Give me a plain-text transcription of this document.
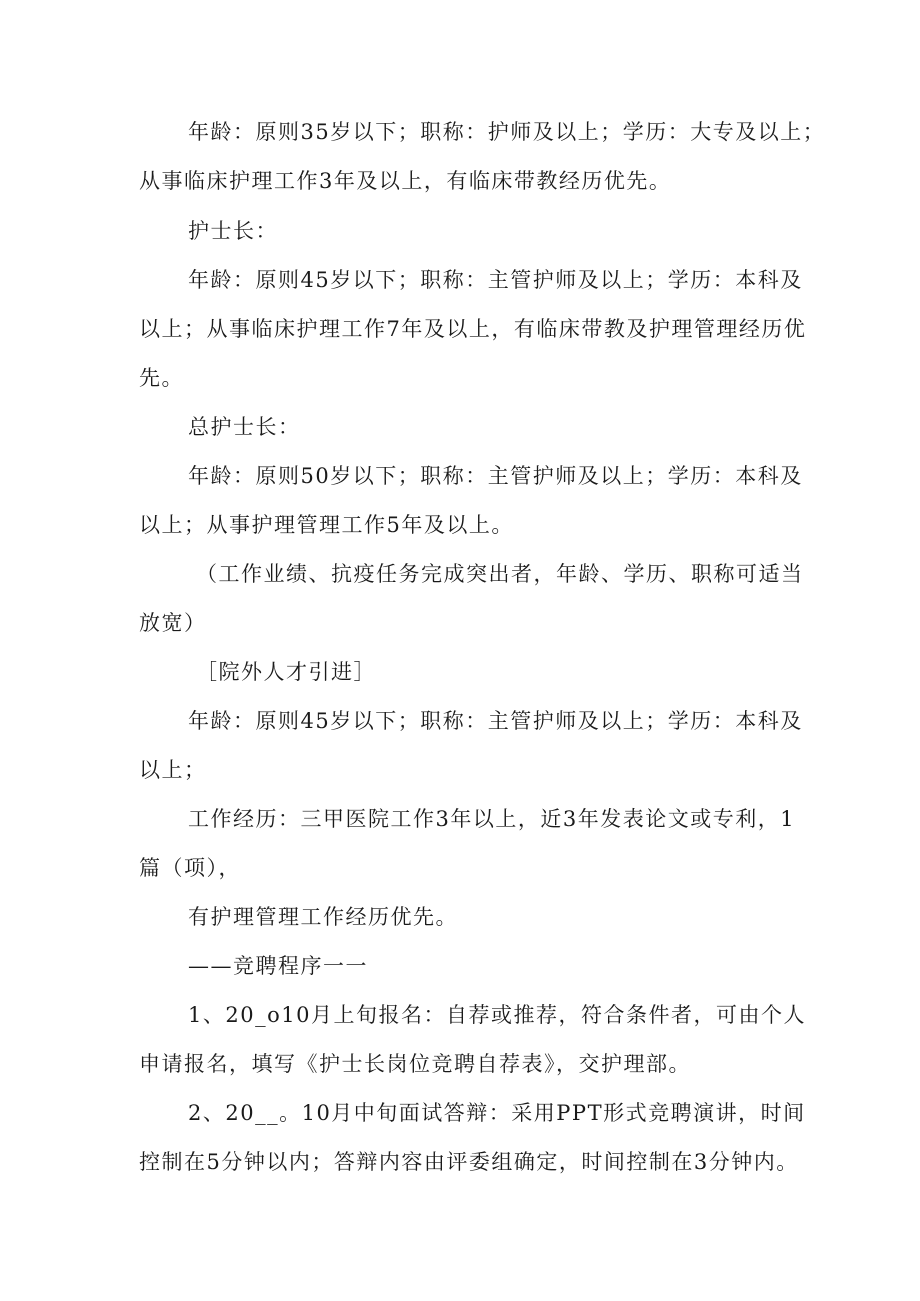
年龄：原则35岁以下；职称：护师及以上；学历：大专及以上；
从事临床护理工作3年及以上，有临床带教经历优先。
护士长：
年龄：原则45岁以下；职称：主管护师及以上；学历：本科及
以上；从事临床护理工作7年及以上，有临床带教及护理管理经历优
先。
总护士长：
年龄：原则50岁以下；职称：主管护师及以上；学历：本科及
以上；从事护理管理工作5年及以上。
（工作业绩、抗疫任务完成突出者，年龄、学历、职称可适当
放宽）
［院外人才引进］
年龄：原则45岁以下；职称：主管护师及以上；学历：本科及
以上；
工作经历：三甲医院工作3年以上，近3年发表论文或专利，1
篇（项），
有护理管理工作经历优先。
——竞聘程序一一
1、20_o10月上旬报名：自荐或推荐，符合条件者，可由个人
申请报名，填写《护士长岗位竞聘自荐表》，交护理部。
2、20__。10月中旬面试答辩：采用PPT形式竞聘演讲，时间
控制在5分钟以内；答辩内容由评委组确定，时间控制在3分钟内。
